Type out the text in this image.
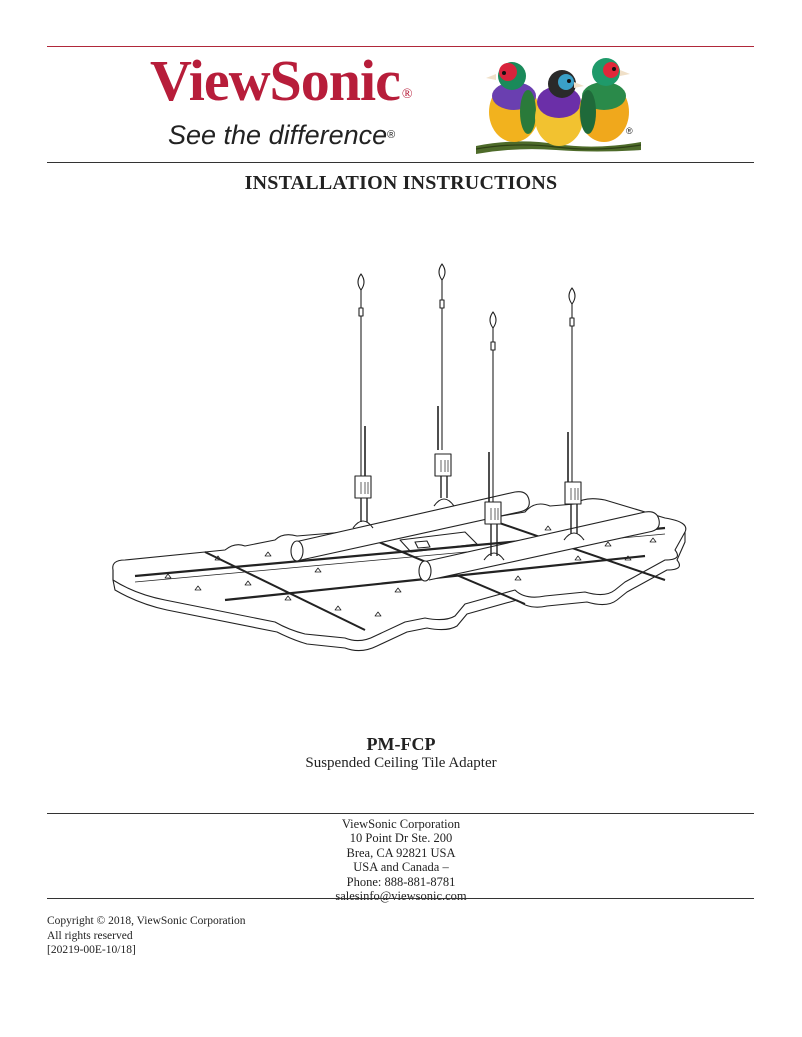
ViewSonic ®
See the difference®	®
INSTALLATION INSTRUCTIONS
PM-FCP
Suspended Ceiling Tile Adapter
ViewSonic Corporation
10 Point Dr Ste. 200
Brea, CA 92821 USA
USA and Canada –
Phone: 888-881-8781
salesinfo@viewsonic.com
Copyright © 2018, ViewSonic Corporation
All rights reserved
[20219-00E-10/18]
